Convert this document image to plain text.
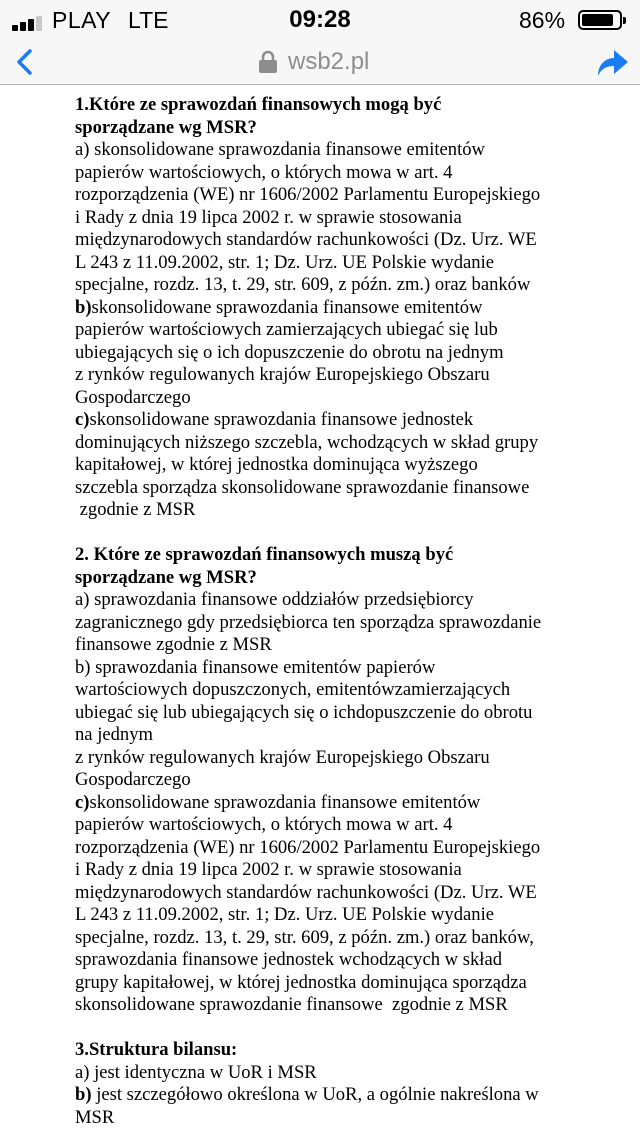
PLAY LTE	09:28	86%
wsb2.pl

1.Które ze sprawozdań finansowych mogą być

sporządzane wg MSR?

a) skonsolidowane sprawozdania finansowe emitentów

papierów wartościowych, o których mowa w art. 4

rozporządzenia (WE) nr 1606/2002 Parlamentu Europejskiego

i Rady z dnia 19 lipca 2002 r. w sprawie stosowania

międzynarodowych standardów rachunkowości (Dz. Urz. WE

L 243 z 11.09.2002, str. 1; Dz. Urz. UE Polskie wydanie

specjalne, rozdz. 13, t. 29, str. 609, z późn. zm.) oraz banków

b)skonsolidowane sprawozdania finansowe emitentów

papierów wartościowych zamierzających ubiegać się lub

ubiegających się o ich dopuszczenie do obrotu na jednym

z rynków regulowanych krajów Europejskiego Obszaru

Gospodarczego

c)skonsolidowane sprawozdania finansowe jednostek

dominujących niższego szczebla, wchodzących w skład grupy

kapitałowej, w której jednostka dominująca wyższego

szczebla sporządza skonsolidowane sprawozdanie finansowe

zgodnie z MSR

2. Które ze sprawozdań finansowych muszą być

sporządzane wg MSR?

a) sprawozdania finansowe oddziałów przedsiębiorcy

zagranicznego gdy przedsiębiorca ten sporządza sprawozdanie

finansowe zgodnie z MSR

b) sprawozdania finansowe emitentów papierów

wartościowych dopuszczonych, emitentówzamierzających

ubiegać się lub ubiegających się o ichdopuszczenie do obrotu

na jednym

z rynków regulowanych krajów Europejskiego Obszaru

Gospodarczego

c)skonsolidowane sprawozdania finansowe emitentów

papierów wartościowych, o których mowa w art. 4

rozporządzenia (WE) nr 1606/2002 Parlamentu Europejskiego

i Rady z dnia 19 lipca 2002 r. w sprawie stosowania

międzynarodowych standardów rachunkowości (Dz. Urz. WE

L 243 z 11.09.2002, str. 1; Dz. Urz. UE Polskie wydanie

specjalne, rozdz. 13, t. 29, str. 609, z późn. zm.) oraz banków,

sprawozdania finansowe jednostek wchodzących w skład

grupy kapitałowej, w której jednostka dominująca sporządza

skonsolidowane sprawozdanie finansowe  zgodnie z MSR

3.Struktura bilansu:

a) jest identyczna w UoR i MSR

b) jest szczegółowo określona w UoR, a ogólnie nakreślona w

MSR
